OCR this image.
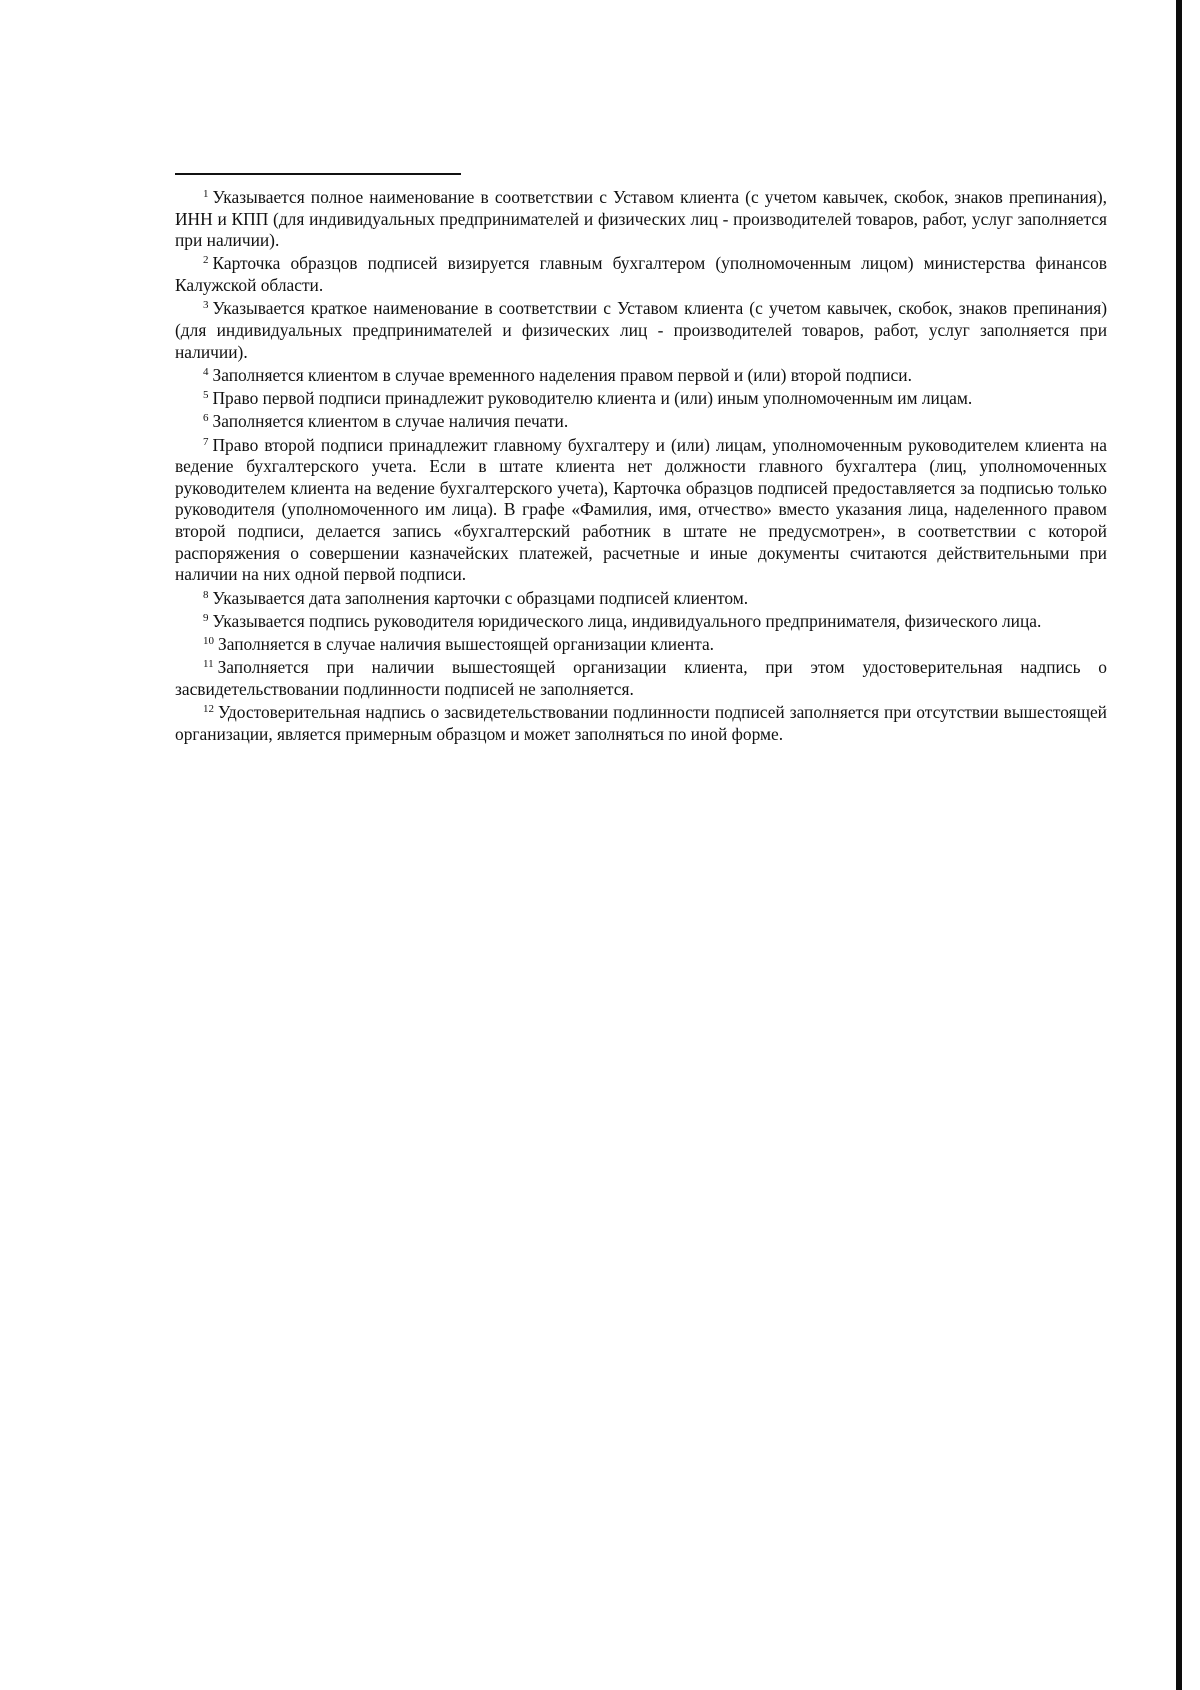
$^1$ Указывается полное наименование в соответствии с Уставом клиента (с учетом кавычек, скобок, знаков препинания), ИНН и КПП (для индивидуальных предпринимателей и физических лиц - производителей товаров, работ, услуг заполняется при наличии).

$^2$ Карточка образцов подписей визируется главным бухгалтером (уполномоченным лицом) министерства финансов Калужской области.

$^3$ Указывается краткое наименование в соответствии с Уставом клиента (с учетом кавычек, скобок, знаков препинания) (для индивидуальных предпринимателей и физических лиц - производителей товаров, работ, услуг заполняется при наличии).

$^4$ Заполняется клиентом в случае временного наделения правом первой и (или) второй подписи.

$^5$ Право первой подписи принадлежит руководителю клиента и (или) иным уполномоченным им лицам.

$^6$ Заполняется клиентом в случае наличия печати.

$^7$ Право второй подписи принадлежит главному бухгалтеру и (или) лицам, уполномоченным руководителем клиента на ведение бухгалтерского учета. Если в штате клиента нет должности главного бухгалтера (лиц, уполномоченных руководителем клиента на ведение бухгалтерского учета), Карточка образцов подписей предоставляется за подписью только руководителя (уполномоченного им лица). В графе «Фамилия, имя, отчество» вместо указания лица, наделенного правом второй подписи, делается запись «бухгалтерский работник в штате не предусмотрен», в соответствии с которой распоряжения о совершении казначейских платежей, расчетные и иные документы считаются действительными при наличии на них одной первой подписи.

$^8$ Указывается дата заполнения карточки с образцами подписей клиентом.

$^9$ Указывается подпись руководителя юридического лица, индивидуального предпринимателя, физического лица.

$^{10}$ Заполняется в случае наличия вышестоящей организации клиента.

$^{11}$ Заполняется при наличии вышестоящей организации клиента, при этом удостоверительная надпись о засвидетельствовании подлинности подписей не заполняется.

$^{12}$ Удостоверительная надпись о засвидетельствовании подлинности подписей заполняется при отсутствии вышестоящей организации, является примерным образцом и может заполняться по иной форме.
